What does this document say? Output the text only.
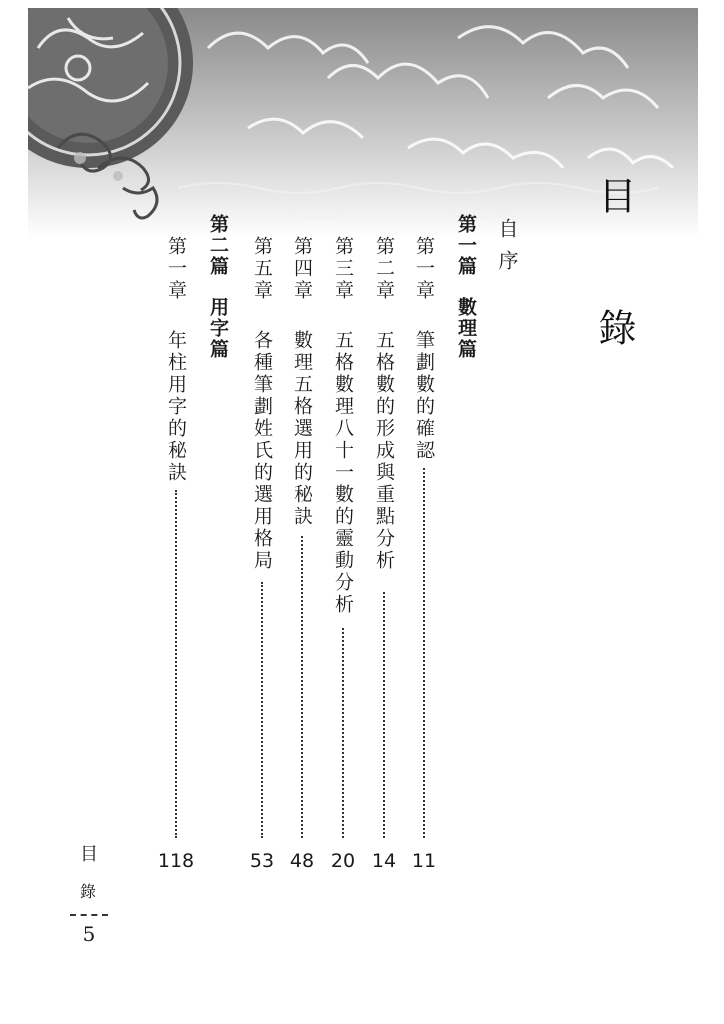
目　錄
自序
第一篇數理篇
第一章
筆劃數的確認
11
第二章
五格數的形成與重點分析
14
第三章
五格數理八十一數的靈動分析
20
第四章
數理五格選用的秘訣
48
第五章
各種筆劃姓氏的選用格局
53
第二篇用字篇
第一章
年柱用字的秘訣
118
目
錄
5
